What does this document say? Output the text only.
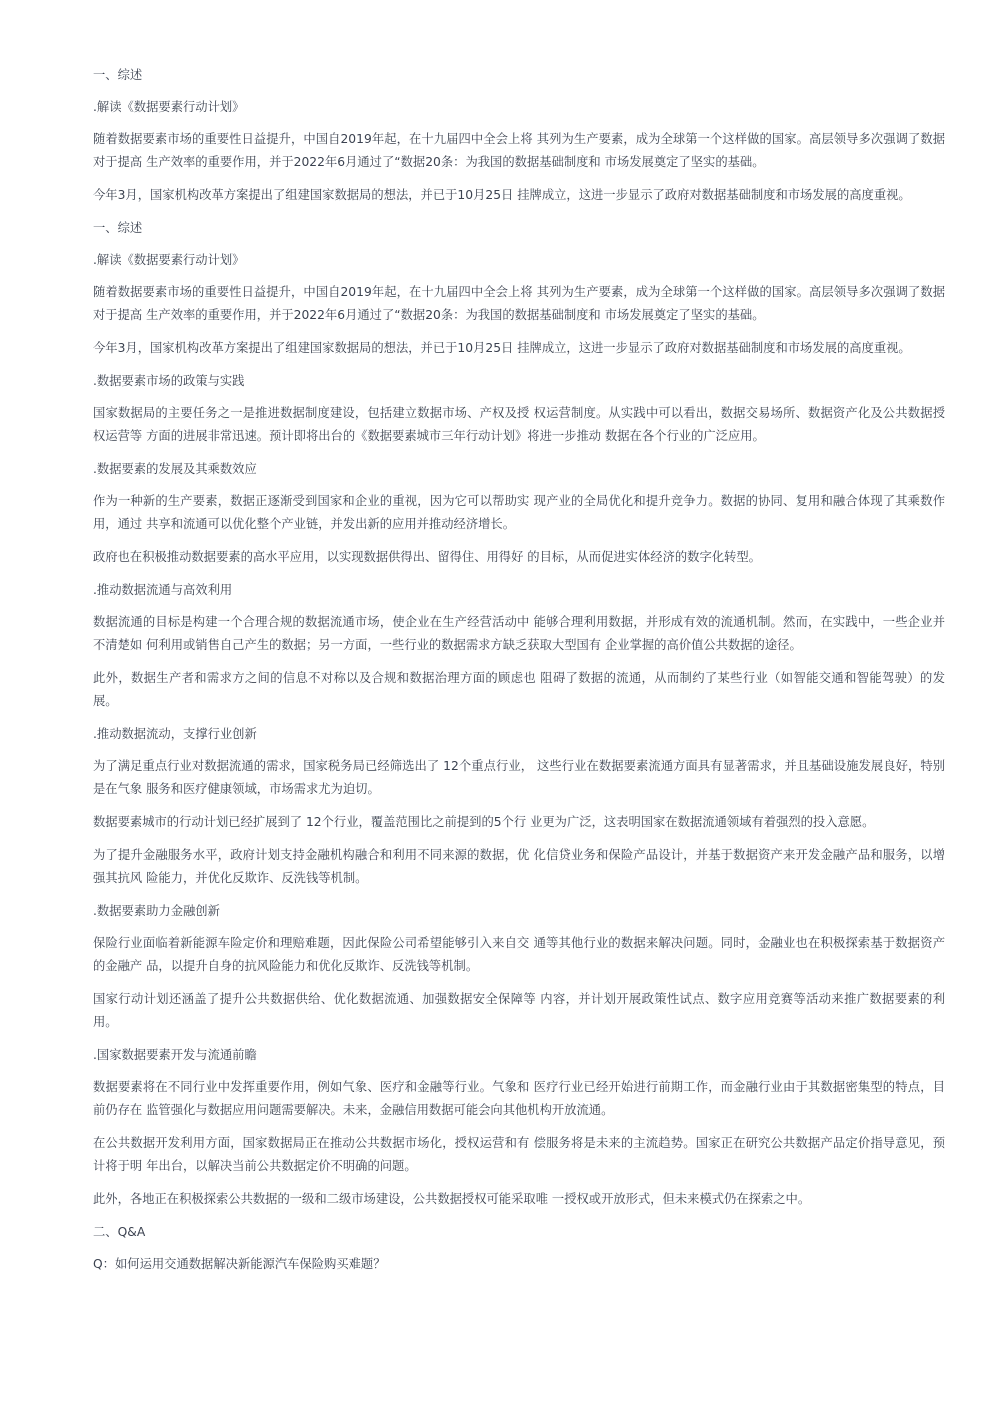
一、综述

.解读《数据要素行动计划》

随着数据要素市场的重要性日益提升，中国自2019年起，在十九届四中全会上将 其列为生产要素，成为全球第一个这样做的国家。高层领导多次强调了数据对于提高 生产效率的重要作用，并于2022年6月通过了“数据20条：为我国的数据基础制度和 市场发展奠定了坚实的基础。

今年3月，国家机构改革方案提出了组建国家数据局的想法，并已于10月25日 挂牌成立，这进一步显示了政府对数据基础制度和市场发展的高度重视。

一、综述

.解读《数据要素行动计划》

随着数据要素市场的重要性日益提升，中国自2019年起，在十九届四中全会上将 其列为生产要素，成为全球第一个这样做的国家。高层领导多次强调了数据对于提高 生产效率的重要作用，并于2022年6月通过了“数据20条：为我国的数据基础制度和 市场发展奠定了坚实的基础。

今年3月，国家机构改革方案提出了组建国家数据局的想法，并已于10月25日 挂牌成立，这进一步显示了政府对数据基础制度和市场发展的高度重视。

.数据要素市场的政策与实践

国家数据局的主要任务之一是推进数据制度建设，包括建立数据市场、产权及授 权运营制度。从实践中可以看出，数据交易场所、数据资产化及公共数据授权运营等 方面的进展非常迅速。预计即将出台的《数据要素城市三年行动计划》将进一步推动 数据在各个行业的广泛应用。

.数据要素的发展及其乘数效应

作为一种新的生产要素，数据正逐渐受到国家和企业的重视，因为它可以帮助实 现产业的全局优化和提升竞争力。数据的协同、复用和融合体现了其乘数作用，通过 共享和流通可以优化整个产业链，并发出新的应用并推动经济增长。

政府也在积极推动数据要素的高水平应用，以实现数据供得出、留得住、用得好 的目标，从而促进实体经济的数字化转型。

.推动数据流通与高效利用

数据流通的目标是构建一个合理合规的数据流通市场，使企业在生产经营活动中 能够合理利用数据，并形成有效的流通机制。然而，在实践中，一些企业并不清楚如 何利用或销售自己产生的数据；另一方面，一些行业的数据需求方缺乏获取大型国有 企业掌握的高价值公共数据的途径。

此外，数据生产者和需求方之间的信息不对称以及合规和数据治理方面的顾虑也 阻碍了数据的流通，从而制约了某些行业（如智能交通和智能驾驶）的发展。

.推动数据流动，支撑行业创新

为了满足重点行业对数据流通的需求，国家税务局已经筛选出了 12个重点行业， 这些行业在数据要素流通方面具有显著需求，并且基础设施发展良好，特别是在气象 服务和医疗健康领域，市场需求尤为迫切。

数据要素城市的行动计划已经扩展到了 12个行业，覆盖范围比之前提到的5个行 业更为广泛，这表明国家在数据流通领域有着强烈的投入意愿。

为了提升金融服务水平，政府计划支持金融机构融合和利用不同来源的数据，优 化信贷业务和保险产品设计，并基于数据资产来开发金融产品和服务，以增强其抗风 险能力，并优化反欺诈、反洗钱等机制。

.数据要素助力金融创新

保险行业面临着新能源车险定价和理赔难题，因此保险公司希望能够引入来自交 通等其他行业的数据来解决问题。同时，金融业也在积极探索基于数据资产的金融产 品，以提升自身的抗风险能力和优化反欺诈、反洗钱等机制。

国家行动计划还涵盖了提升公共数据供给、优化数据流通、加强数据安全保障等 内容，并计划开展政策性试点、数字应用竞赛等活动来推广数据要素的利用。

.国家数据要素开发与流通前瞻

数据要素将在不同行业中发挥重要作用，例如气象、医疗和金融等行业。气象和 医疗行业已经开始进行前期工作，而金融行业由于其数据密集型的特点，目前仍存在 监管强化与数据应用问题需要解决。未来，金融信用数据可能会向其他机构开放流通。

在公共数据开发利用方面，国家数据局正在推动公共数据市场化，授权运营和有 偿服务将是未来的主流趋势。国家正在研究公共数据产品定价指导意见，预计将于明 年出台，以解决当前公共数据定价不明确的问题。

此外，各地正在积极探索公共数据的一级和二级市场建设，公共数据授权可能采取唯 一授权或开放形式，但未来模式仍在探索之中。

二、Q&A

Q：如何运用交通数据解决新能源汽车保险购买难题？
